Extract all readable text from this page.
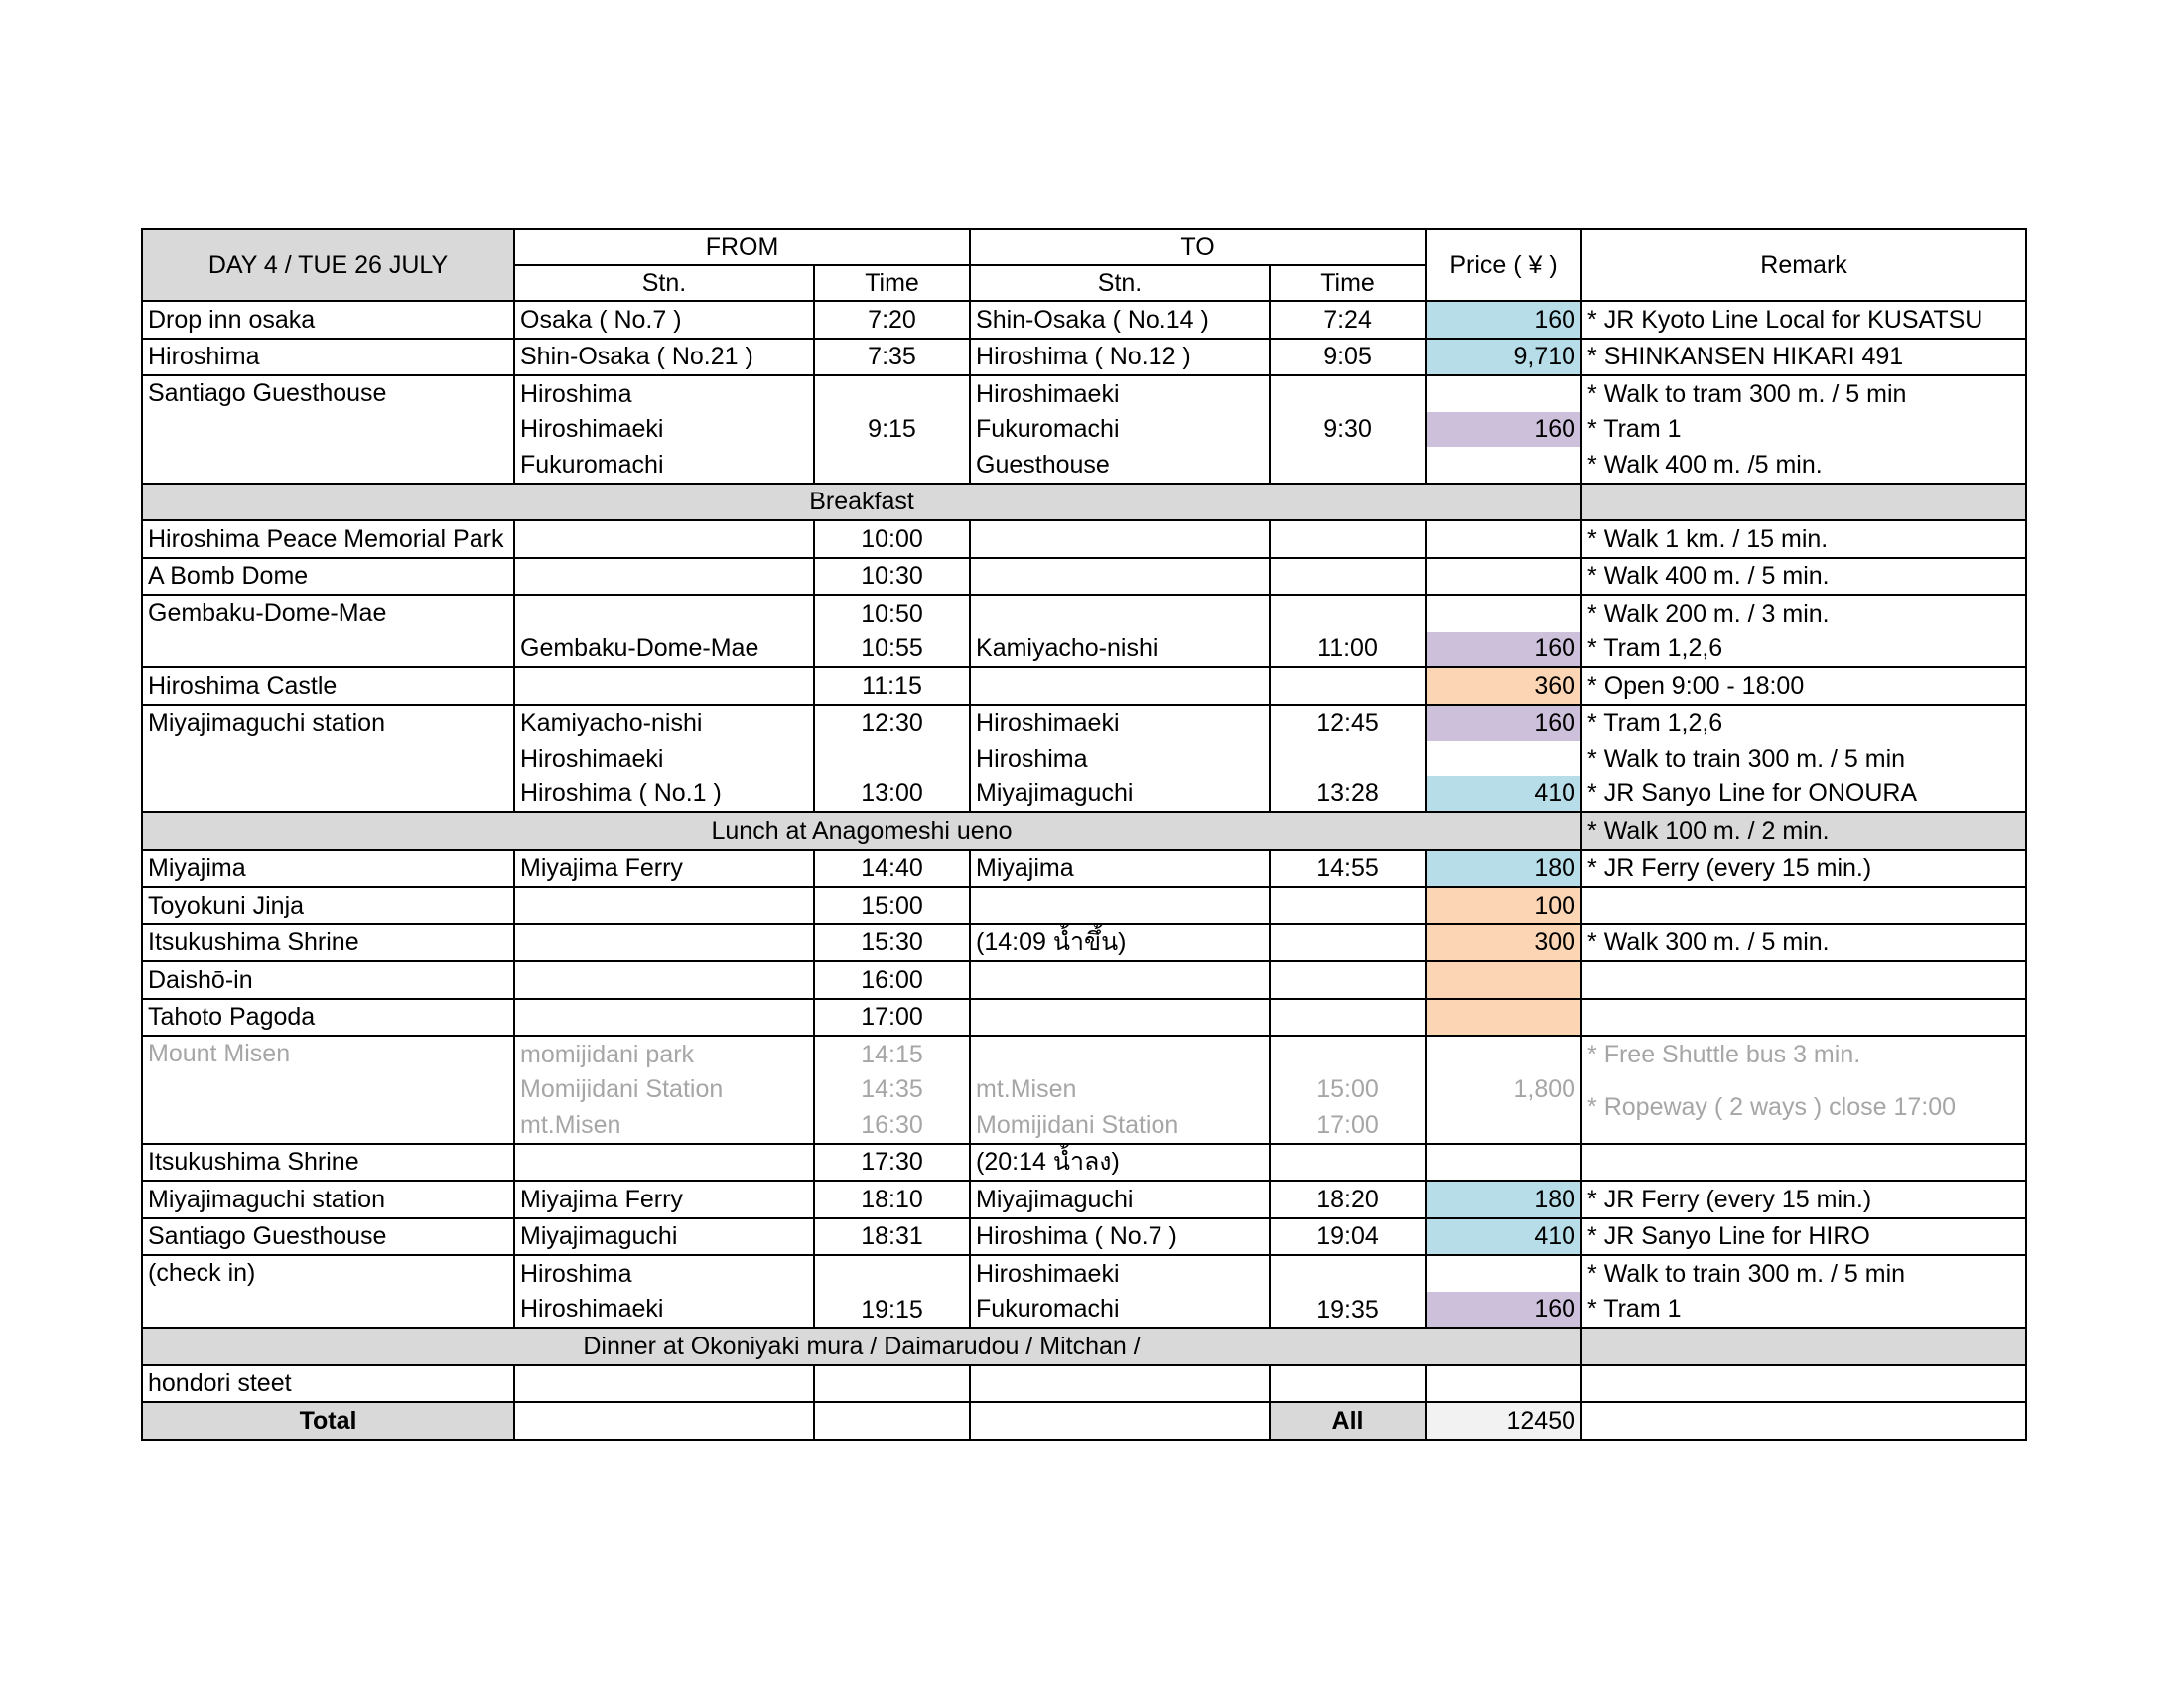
DAY 4 / TUE 26 JULY	FROM		TO		Price ( ¥ )	Remark
	Stn.	Time	Stn.	Time		
Drop inn osaka	Osaka ( No.7 )	7:20	Shin-Osaka ( No.14 )	7:24	160	* JR Kyoto Line Local for KUSATSU
Hiroshima	Shin-Osaka ( No.21 )	7:35	Hiroshima ( No.12 )	9:05	9,710	* SHINKANSEN HIKARI 491
Santiago Guesthouse	Hiroshima	9:15	Hiroshimaeki	9:30		* Walk to tram 300 m. / 5 min
	Hiroshimaeki		Fukuromachi		160	* Tram 1
	Fukuromachi		Guesthouse			* Walk 400 m. /5 min.
Breakfast						
Hiroshima Peace Memorial Park		10:00				* Walk 1 km. / 15 min.
A Bomb Dome		10:30				* Walk 400 m. / 5 min.
Gembaku-Dome-Mae		10:50				* Walk 200 m. / 3 min.
	Gembaku-Dome-Mae	10:55	Kamiyacho-nishi	11:00	160	* Tram 1,2,6
Hiroshima Castle		11:15			360	* Open 9:00 - 18:00
Miyajimaguchi station	Kamiyacho-nishi	12:30	Hiroshimaeki	12:45	160	* Tram 1,2,6
	Hiroshimaeki		Hiroshima			* Walk to train 300 m. / 5 min
	Hiroshima ( No.1 )	13:00	Miyajimaguchi	13:28	410	* JR Sanyo Line for ONOURA
Lunch at Anagomeshi ueno						* Walk 100 m. / 2 min.
Miyajima	Miyajima Ferry	14:40	Miyajima	14:55	180	* JR Ferry (every 15 min.)
Toyokuni Jinja		15:00			100	
Itsukushima Shrine		15:30	(14:09 น้ำขึ้น)		300	* Walk 300 m. / 5 min.
Daishō-in		16:00				
Tahoto Pagoda		17:00				
Mount Misen	momijidani park	14:15				* Free Shuttle bus 3 min.
	Momijidani Station	14:35	mt.Misen	15:00	1,800	* Ropeway ( 2 ways ) close 17:00
	mt.Misen	16:30	Momijidani Station	17:00		
Itsukushima Shrine		17:30	(20:14 น้ำลง)			
Miyajimaguchi station	Miyajima Ferry	18:10	Miyajimaguchi	18:20	180	* JR Ferry (every 15 min.)
Santiago Guesthouse	Miyajimaguchi	18:31	Hiroshima ( No.7 )	19:04	410	* JR Sanyo Line for HIRO
(check in)	Hiroshima	19:15	Hiroshimaeki	19:35		* Walk to train 300 m. / 5 min
	Hiroshimaeki		Fukuromachi		160	* Tram 1
Dinner at Okoniyaki mura / Daimarudou / Mitchan /						
hondori steet						
Total				All	12450	
